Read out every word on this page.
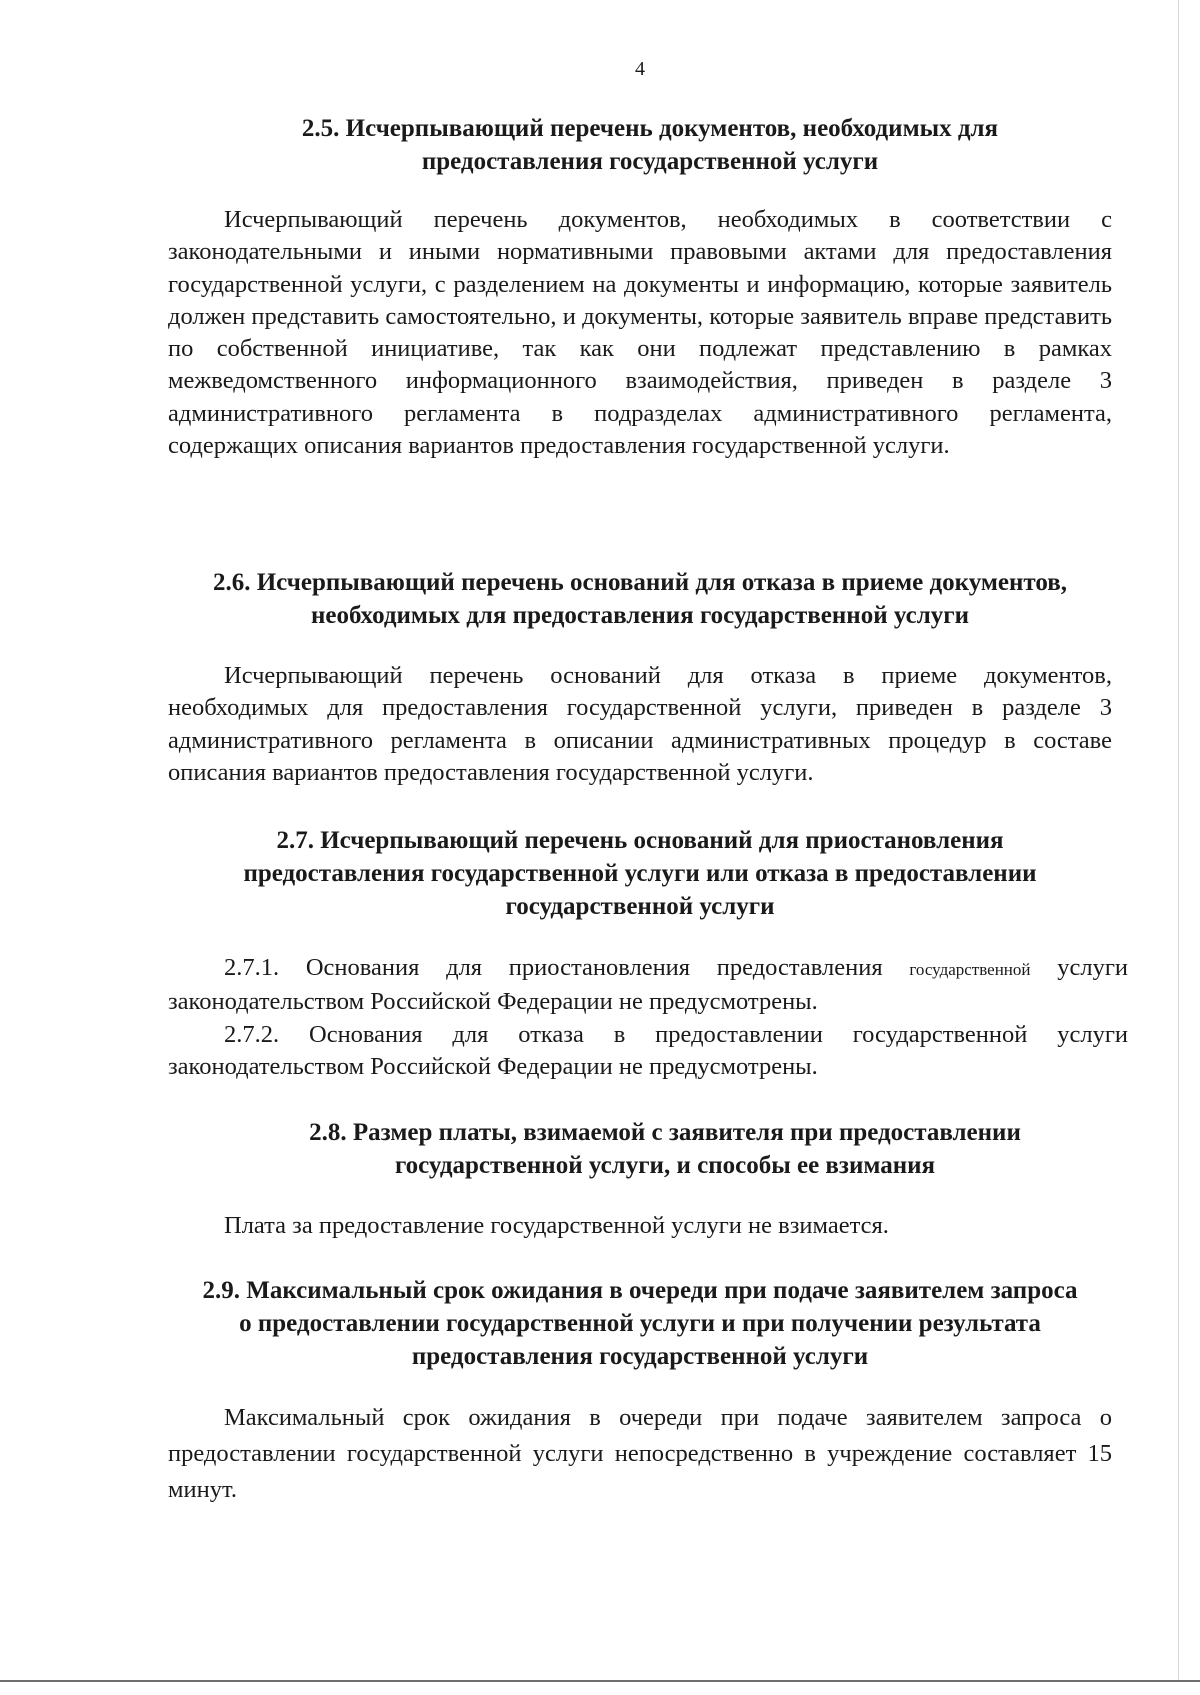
4
2.5. Исчерпывающий перечень документов, необходимых для предоставления государственной услуги

Исчерпывающий перечень документов, необходимых в соответствии с законодательными и иными нормативными правовыми актами для предоставления государственной услуги, с разделением на документы и информацию, которые заявитель должен представить самостоятельно, и документы, которые заявитель вправе представить по собственной инициативе, так как они подлежат представлению в рамках межведомственного информационного взаимодействия, приведен в разделе 3 административного регламента в подразделах административного регламента, содержащих описания вариантов предоставления государственной услуги.

2.6. Исчерпывающий перечень оснований для отказа в приеме документов, необходимых для предоставления государственной услуги

Исчерпывающий перечень оснований для отказа в приеме документов, необходимых для предоставления государственной услуги, приведен в разделе 3 административного регламента в описании административных процедур в составе описания вариантов предоставления государственной услуги.

2.7. Исчерпывающий перечень оснований для приостановления предоставления государственной услуги или отказа в предоставлении государственной услуги

2.7.1. Основания для приостановления предоставления государственной услуги законодательством Российской Федерации не предусмотрены.

2.7.2. Основания для отказа в предоставлении государственной услуги законодательством Российской Федерации не предусмотрены.

2.8. Размер платы, взимаемой с заявителя при предоставлении государственной услуги, и способы ее взимания

Плата за предоставление государственной услуги не взимается.

2.9. Максимальный срок ожидания в очереди при подаче заявителем запроса о предоставлении государственной услуги и при получении результата предоставления государственной услуги

Максимальный срок ожидания в очереди при подаче заявителем запроса о предоставлении государственной услуги непосредственно в учреждение составляет 15 минут.
